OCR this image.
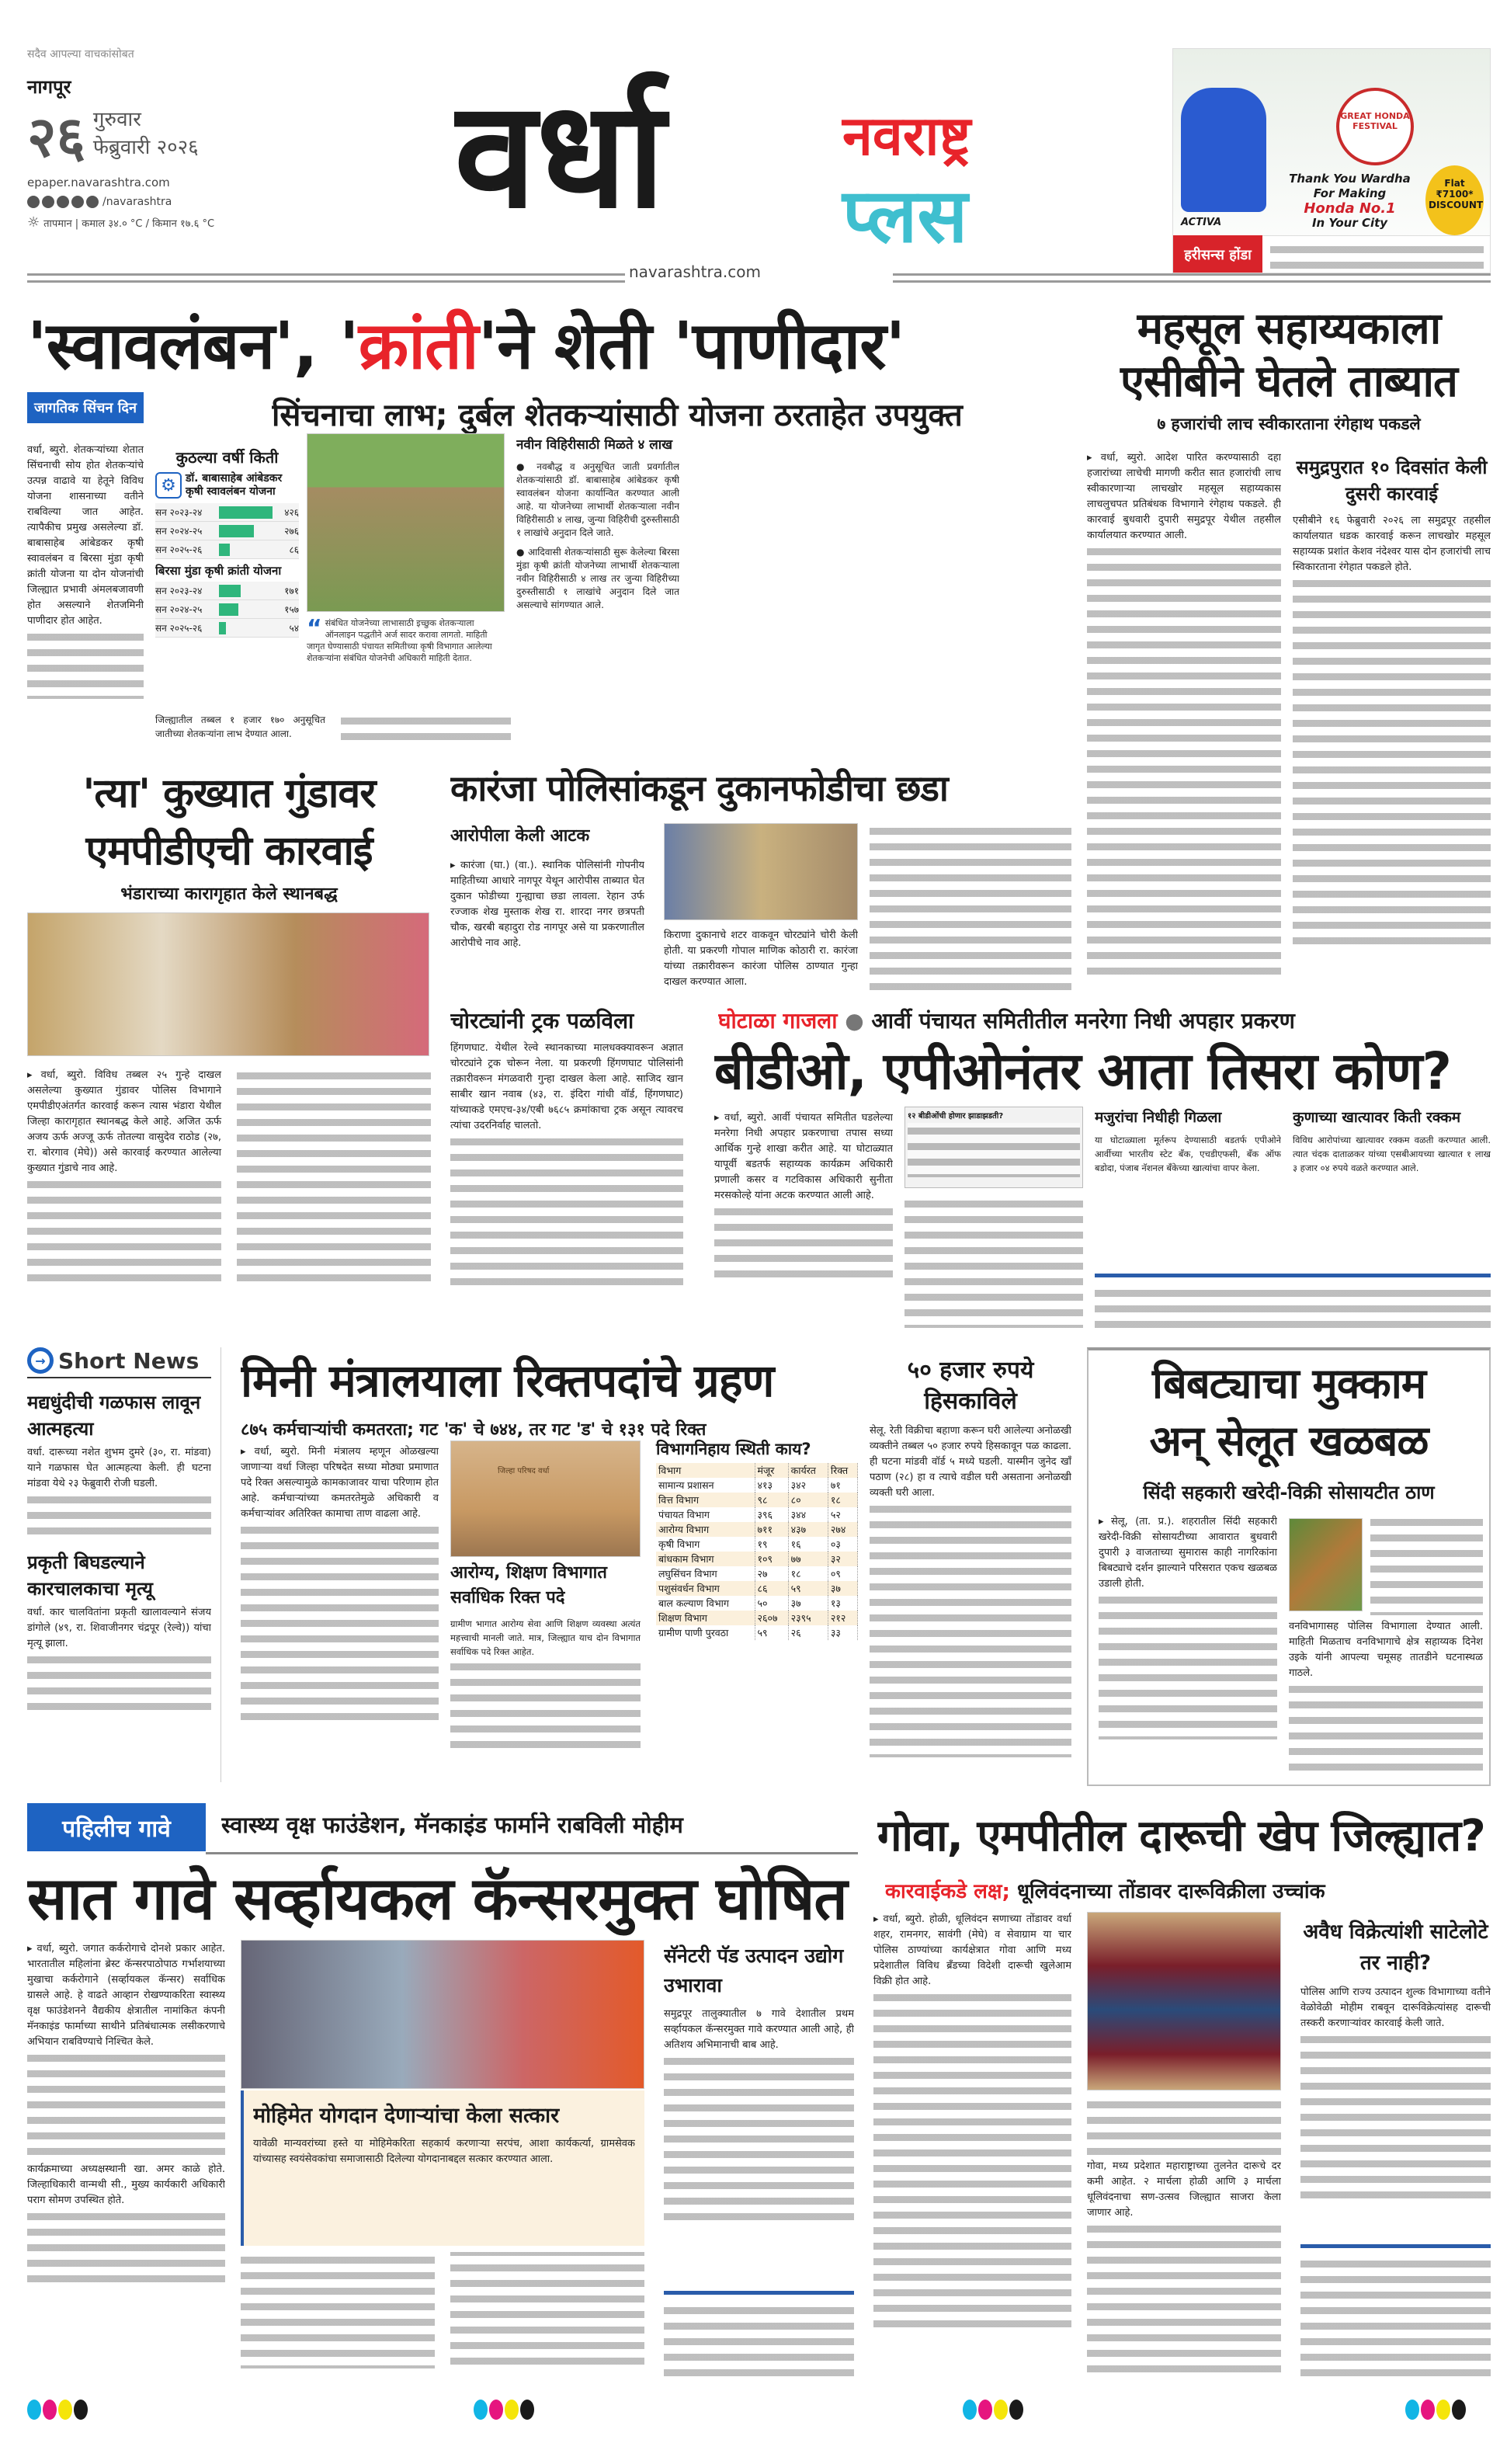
सदैव आपल्या वाचकांसोबत
नागपूर
२६ गुरुवार
फेब्रुवारी २०२६
epaper.navarashtra.com
/navarashtra
☼ तापमान | कमाल ३४.० °C / किमान १७.६ °C वर्धा	नवराष्ट्र
प्लस
navarashtra.com
GREAT HONDA FESTIVAL
Thank You Wardha
For Making
Honda No.1
In Your City
Flat ₹7100* DISCOUNT
ACTIVA
हरीसन्स होंडा
'स्वावलंबन', 'क्रांती'ने शेती 'पाणीदार'
जागतिक सिंचन दिन	सिंचनाचा लाभ; दुर्बल शेतकऱ्यांसाठी योजना ठरताहेत उपयुक्त
वर्धा, ब्युरो. शेतकऱ्यांच्या शेतात सिंचनाची सोय होत शेतकऱ्यांचे उत्पन्न वाढावे या हेतूने विविध योजना शासनाच्या वतीने राबविल्या जात आहेत. त्यापैकीच प्रमुख असलेल्या डॉ. बाबासाहेब आंबेडकर कृषी स्वावलंबन व बिरसा मुंडा कृषी क्रांती योजना या दोन योजनांची जिल्ह्यात प्रभावी अंमलबजावणी होत असल्याने शेतजमिनी पाणीदार होत आहेत.
कुठल्या वर्षी किती
⚙ डॉ. बाबासाहेब आंबेडकर कृषी स्वावलंबन योजना
सन २०२३-२४	४२६
सन २०२४-२५	२७६
सन २०२५-२६	८६
बिरसा मुंडा कृषी क्रांती योजना
सन २०२३-२४	१७१
सन २०२४-२५	१५७
सन २०२५-२६	५४ “ संबंधित योजनेच्या लाभासाठी इच्छुक शेतकऱ्याला ऑनलाइन पद्धतीने अर्ज सादर करावा लागतो. माहिती जागृत घेण्यासाठी पंचायत समितीच्या कृषी विभागात आलेल्या शेतकऱ्यांना संबंधित योजनेची अधिकारी माहिती देतात.
नवीन विहिरीसाठी मिळते ४ लाख
● नवबौद्ध व अनुसूचित जाती प्रवर्गातील शेतकऱ्यांसाठी डॉ. बाबासाहेब आंबेडकर कृषी स्वावलंबन योजना कार्यान्वित करण्यात आली आहे. या योजनेच्या लाभार्थी शेतकऱ्याला नवीन विहिरीसाठी ४ लाख, जुन्या विहिरीची दुरुस्तीसाठी १ लाखांचे अनुदान दिले जाते.
● आदिवासी शेतकऱ्यांसाठी सुरू केलेल्या बिरसा मुंडा कृषी क्रांती योजनेच्या लाभार्थी शेतकऱ्याला नवीन विहिरीसाठी ४ लाख तर जुन्या विहिरीच्या दुरुस्तीसाठी १ लाखांचे अनुदान दिले जात असल्याचे सांगण्यात आले.
जिल्ह्यातील तब्बल १ हजार १७० अनुसूचित जातीच्या शेतकऱ्यांना लाभ देण्यात आला.
महसूल सहाय्यकाला
एसीबीने घेतले ताब्यात
७ हजारांची लाच स्वीकारताना रंगेहाथ पकडले
▸ वर्धा, ब्युरो. आदेश पारित करण्यासाठी दहा हजारांच्या लाचेची मागणी करीत सात हजारांची लाच स्वीकारणाऱ्या लाचखोर महसूल सहाय्यकास लाचलुचपत प्रतिबंधक विभागाने रंगेहाथ पकडले. ही कारवाई बुधवारी दुपारी समुद्रपूर येथील तहसील कार्यालयात करण्यात आली.
समुद्रपुरात १० दिवसांत केली दुसरी कारवाई
एसीबीने १६ फेब्रुवारी २०२६ ला समुद्रपूर तहसील कार्यालयात धडक कारवाई करून लाचखोर महसूल सहाय्यक प्रशांत केशव नंदेश्वर यास दोन हजारांची लाच स्विकारताना रंगेहात पकडले होते.
'त्या' कुख्यात गुंडावर
एमपीडीएची कारवाई
भंडाराच्या कारागृहात केले स्थानबद्ध
▸ वर्धा, ब्युरो. विविध तब्बल २५ गुन्हे दाखल असलेल्या कुख्यात गुंडावर पोलिस विभागाने एमपीडीएअंतर्गत कारवाई करून त्यास भंडारा येथील जिल्हा कारागृहात स्थानबद्ध केले आहे. अजित ऊर्फ अजय ऊर्फ अज्जू ऊर्फ तोतल्या वासुदेव राठोड (२७, रा. बोरगाव (मेघे)) असे कारवाई करण्यात आलेल्या कुख्यात गुंडाचे नाव आहे.
कारंजा पोलिसांकडून दुकानफोडीचा छडा
आरोपीला केली आटक
▸ कारंजा (घा.) (वा.). स्थानिक पोलिसांनी गोपनीय माहितीच्या आधारे नागपूर येथून आरोपीस ताब्यात घेत दुकान फोडीच्या गुन्ह्याचा छडा लावला. रेहान उर्फ रज्जाक शेख मुस्ताक शेख रा. शारदा नगर छत्रपती चौक, खरबी बहादुरा रोड नागपूर असे या प्रकरणातील आरोपीचे नाव आहे.
किराणा दुकानाचे शटर वाकवून चोरट्यांने चोरी केली होती. या प्रकरणी गोपाल माणिक कोठारी रा. कारंजा यांच्या तक्रारीवरून कारंजा पोलिस ठाण्यात गुन्हा दाखल करण्यात आला.
चोरट्यांनी ट्रक पळविला
हिंगणघाट. येथील रेल्वे स्थानकाच्या मालधक्क्यावरून अज्ञात चोरट्यांने ट्रक चोरून नेला. या प्रकरणी हिंगणघाट पोलिसांनी तक्रारीवरून मंगळवारी गुन्हा दाखल केला आहे. साजिद खान साबीर खान नवाब (४३, रा. इंदिरा गांधी वॉर्ड, हिंगणघाट) यांच्याकडे एमएच-३४/एबी ७६८५ क्रमांकाचा ट्रक असून त्यावरच त्यांचा उदरनिर्वाह चालतो.
घोटाळा गाजला ● आर्वी पंचायत समितीतील मनरेगा निधी अपहार प्रकरण
बीडीओ, एपीओनंतर आता तिसरा कोण?
▸ वर्धा, ब्युरो. आर्वी पंचायत समितीत घडलेल्या मनरेगा निधी अपहार प्रकरणाचा तपास सध्या आर्थिक गुन्हे शाखा करीत आहे. या घोटाळ्यात यापूर्वी बडतर्फ सहाय्यक कार्यक्रम अधिकारी प्रणाली कसर व गटविकास अधिकारी सुनीता मरसकोल्हे यांना अटक करण्यात आली आहे.
१२ बीडीओंची होणार झाडाझडती?	मजुरांचा निधीही गिळला
या घोटाळ्याला मूर्तरूप देण्यासाठी बडतर्फ एपीओने आर्वीच्या भारतीय स्टेट बँक, एचडीएफसी, बँक ऑफ बडोदा, पंजाब नॅशनल बँकेच्या खात्यांचा वापर केला.
कुणाच्या खात्यावर किती रक्कम
विविध आरोपांच्या खात्यावर रक्कम वळती करण्यात आली. त्यात चंदक दाताळकर यांच्या एसबीआयच्या खात्यात १ लाख ३ हजार ०४ रुपये वळते करण्यात आले.
→ Short News
मद्यधुंदीची गळफास लावून आत्महत्या
वर्धा. दारूच्या नशेत शुभम दुमरे (३०, रा. मांडवा) याने गळफास घेत आत्महत्या केली. ही घटना मांडवा येथे २३ फेब्रुवारी रोजी घडली.
प्रकृती बिघडल्याने कारचालकाचा मृत्यू
वर्धा. कार चालवितांना प्रकृती खालावल्याने संजय डांगोले (४९, रा. शिवाजीनगर चंद्रपूर (रेल्वे)) यांचा मृत्यू झाला.
मिनी मंत्रालयाला रिक्तपदांचे ग्रहण
८७५ कर्मचाऱ्यांची कमतरता; गट 'क' चे ७४४, तर गट 'ड' चे १३१ पदे रिक्त
▸ वर्धा, ब्युरो. मिनी मंत्रालय म्हणून ओळखल्या जाणाऱ्या वर्धा जिल्हा परिषदेत सध्या मोठ्या प्रमाणात पदे रिक्त असल्यामुळे कामकाजावर याचा परिणाम होत आहे. कर्मचाऱ्यांच्या कमतरतेमुळे अधिकारी व कर्मचाऱ्यांवर अतिरिक्त कामाचा ताण वाढला आहे.
जिल्हा परिषद वर्धा
आरोग्य, शिक्षण विभागात सर्वाधिक रिक्त पदे
ग्रामीण भागात आरोग्य सेवा आणि शिक्षण व्यवस्था अत्यंत महत्त्वाची मानली जाते. मात्र, जिल्ह्यात याच दोन विभागात सर्वाधिक पदे रिक्त आहेत.
विभागनिहाय स्थिती काय?
विभाग	मंजूर	कार्यरत	रिक्त
सामान्य प्रशासन	४१३	३४२	७१
वित्त विभाग	९८	८०	१८
पंचायत विभाग	३९६	३४४	५२
आरोग्य विभाग	७११	४३७	२७४
कृषी विभाग	१९	१६	०३
बांधकाम विभाग	१०९	७७	३२
लघुसिंचन विभाग	२७	१८	०९
पशुसंवर्धन विभाग	८६	५९	३७
बाल कल्याण विभाग	५०	३७	१३
शिक्षण विभाग	२६०७	२३९५	२१२
ग्रामीण पाणी पुरवठा	५९	२६	३३
५० हजार रुपये हिसकाविले
सेलू. रेती विक्रीचा बहाणा करून घरी आलेल्या अनोळखी व्यक्तीने तब्बल ५० हजार रुपये हिसकावून पळ काढला. ही घटना मांडवी वॉर्ड ५ मध्ये घडली. यास्मीन जुनेद खाँ पठाण (२८) हा व त्याचे वडील घरी असताना अनोळखी व्यक्ती घरी आला.
बिबट्याचा मुक्काम
अन् सेलूत खळबळ
सिंदी सहकारी खरेदी-विक्री सोसायटीत ठाण
▸ सेलू, (ता. प्र.). शहरातील सिंदी सहकारी खरेदी-विक्री सोसायटीच्या आवारात बुधवारी दुपारी ३ वाजताच्या सुमारास काही नागरिकांना बिबट्याचे दर्शन झाल्याने परिसरात एकच खळबळ उडाली होती.
वनविभागासह पोलिस विभागाला देण्यात आली. माहिती मिळताच वनविभागाचे क्षेत्र सहाय्यक दिनेश उइके यांनी आपल्या चमूसह तातडीने घटनास्थळ गाठले.
पहिलीच गावे	स्वास्थ्य वृक्ष फाउंडेशन, मॅनकाइंड फार्माने राबविली मोहीम
सात गावे सर्व्हायकल कॅन्सरमुक्त घोषित
▸ वर्धा, ब्युरो. जगात कर्करोगाचे दोनशे प्रकार आहेत. भारतातील महिलांना ब्रेस्ट कॅन्सरपाठोपाठ गर्भाशयाच्या मुखाचा कर्करोगाने (सर्व्हायकल कॅन्सर) सर्वाधिक ग्रासले आहे. हे वाढते आव्हान रोखण्याकरिता स्वास्थ्य वृक्ष फाउंडेशनने वैद्यकीय क्षेत्रातील नामांकित कंपनी मॅनकाइंड फार्माच्या साथीने प्रतिबंधात्मक लसीकरणाचे अभियान राबविण्याचे निश्चित केले.
कार्यक्रमाच्या अध्यक्षस्थानी खा. अमर काळे होते. जिल्हाधिकारी वान्मथी सी., मुख्य कार्यकारी अधिकारी पराग सोमण उपस्थित होते.
मोहिमेत योगदान देणाऱ्यांचा केला सत्कार
यावेळी मान्यवरांच्या हस्ते या मोहिमेकरिता सहकार्य करणाऱ्या सरपंच, आशा कार्यकर्त्या, ग्रामसेवक यांच्यासह स्वयंसेवकांचा समाजासाठी दिलेल्या योगदानाबद्दल सत्कार करण्यात आला.
सॅनेटरी पॅड उत्पादन उद्योग उभारावा
समुद्रपूर तालुक्यातील ७ गावे देशातील प्रथम सर्व्हायकल कॅन्सरमुक्त गावे करण्यात आली आहे, ही अतिशय अभिमानाची बाब आहे.
गोवा, एमपीतील दारूची खेप जिल्ह्यात?
कारवाईकडे लक्ष; धूलिवंदनाच्या तोंडावर दारूविक्रीला उच्चांक
▸ वर्धा, ब्युरो. होळी, धूलिवंदन सणाच्या तोंडावर वर्धा शहर, रामनगर, सावंगी (मेघे) व सेवाग्राम या चार पोलिस ठाण्यांच्या कार्यक्षेत्रात गोवा आणि मध्य प्रदेशातील विविध ब्रँडच्या विदेशी दारूची खुलेआम विक्री होत आहे.
गोवा, मध्य प्रदेशात महाराष्ट्राच्या तुलनेत दारूचे दर कमी आहेत. २ मार्चला होळी आणि ३ मार्चला धूलिवंदनाचा सण-उत्सव जिल्ह्यात साजरा केला जाणार आहे.
अवैध विक्रेत्यांशी साटेलोटे तर नाही?
पोलिस आणि राज्य उत्पादन शुल्क विभागाच्या वतीने वेळोवेळी मोहीम राबवून दारूविक्रेत्यांसह दारूची तस्करी करणाऱ्यांवर कारवाई केली जाते.
